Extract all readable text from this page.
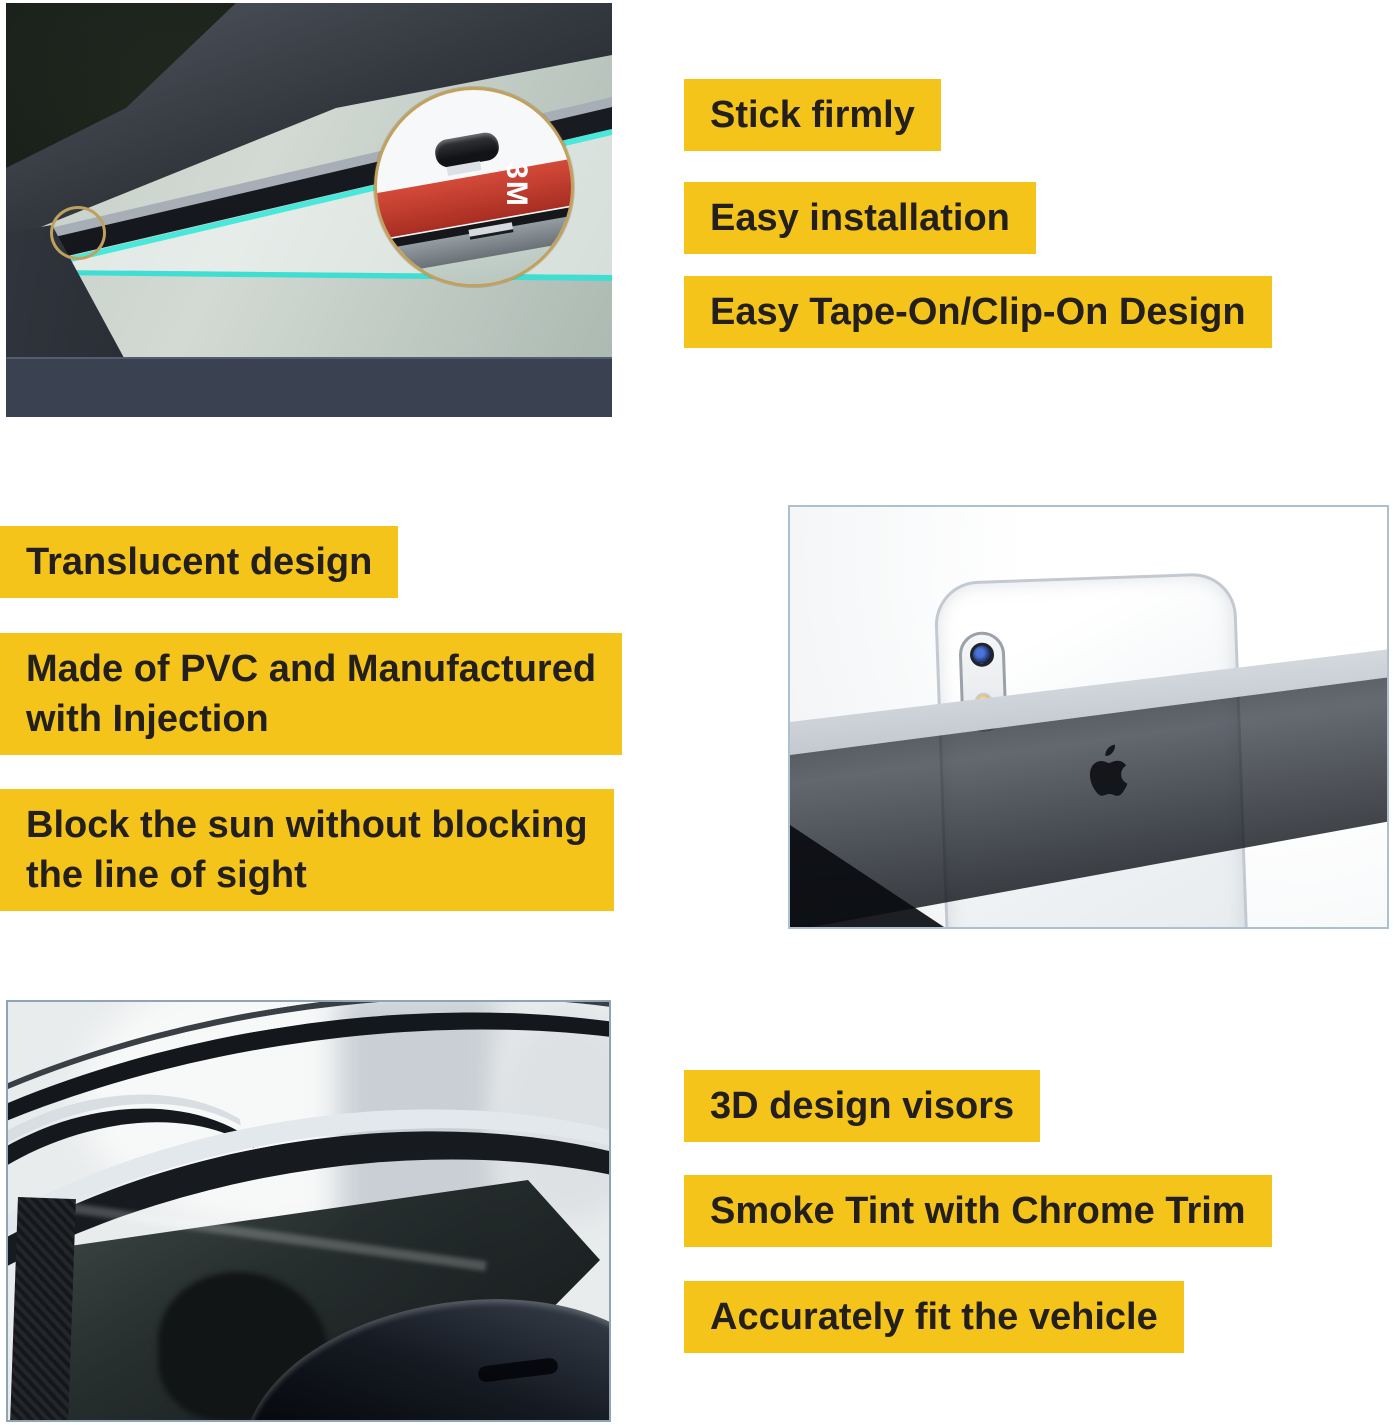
3M
Stick firmly
Easy installation
Easy Tape-On/Clip-On Design
Translucent design
Made of PVC and Manufactured
with Injection
Block the sun without blocking
the line of sight
3D design visors
Smoke Tint with Chrome Trim
Accurately fit the vehicle
